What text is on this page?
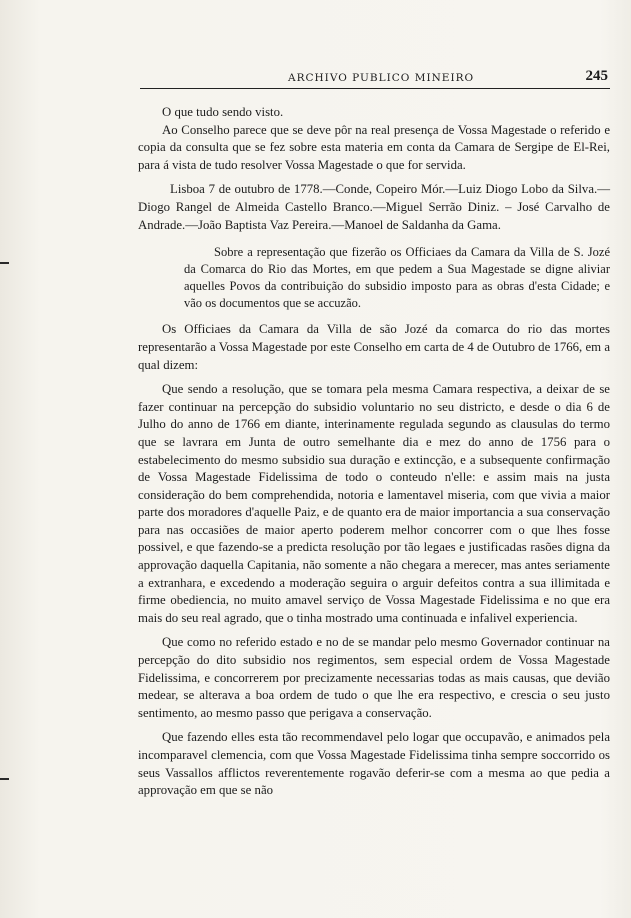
ARCHIVO PUBLICO MINEIRO	245

O que tudo sendo visto.

Ao Conselho parece que se deve pôr na real presença de Vossa Magestade o referido e copia da consulta que se fez sobre esta materia em conta da Camara de Sergipe de El-Rei, para á vista de tudo resolver Vossa Magestade o que for servida.

Lisboa 7 de outubro de 1778.—Conde, Copeiro Mór.—Luiz Diogo Lobo da Silva.—Diogo Rangel de Almeida Castello Branco.—Miguel Serrão Diniz. – José Carvalho de Andrade.—João Baptista Vaz Pereira.—Manoel de Saldanha da Gama.

Sobre a representação que fizerão os Officiaes da Camara da Villa de S. Jozé da Comarca do Rio das Mortes, em que pedem a Sua Magestade se digne aliviar aquelles Povos da contribuição do subsidio imposto para as obras d'esta Cidade; e vão os documentos que se accuzão.

Os Officiaes da Camara da Villa de são Jozé da comarca do rio das mortes representarão a Vossa Magestade por este Conselho em carta de 4 de Outubro de 1766, em a qual dizem:

Que sendo a resolução, que se tomara pela mesma Camara respectiva, a deixar de se fazer continuar na percepção do subsidio voluntario no seu districto, e desde o dia 6 de Julho do anno de 1766 em diante, interinamente regulada segundo as clausulas do termo que se lavrara em Junta de outro semelhante dia e mez do anno de 1756 para o estabelecimento do mesmo subsidio sua duração e extincção, e a subsequente confirmação de Vossa Magestade Fidelissima de todo o conteudo n'elle: e assim mais na justa consideração do bem comprehendida, notoria e lamentavel miseria, com que vivia a maior parte dos moradores d'aquelle Paiz, e de quanto era de maior importancia a sua conservação para nas occasiões de maior aperto poderem melhor concorrer com o que lhes fosse possivel, e que fazendo-se a predicta resolução por tão legaes e justificadas rasões digna da approvação daquella Capitania, não somente a não chegara a merecer, mas antes seriamente a extranhara, e excedendo a moderação seguira o arguir defeitos contra a sua illimitada e firme obediencia, no muito amavel serviço de Vossa Magestade Fidelissima e no que era mais do seu real agrado, que o tinha mostrado uma continuada e infalivel experiencia.

Que como no referido estado e no de se mandar pelo mesmo Governador continuar na percepção do dito subsidio nos regimentos, sem especial ordem de Vossa Magestade Fidelissima, e concorrerem por precizamente necessarias todas as mais causas, que devião medear, se alterava a boa ordem de tudo o que lhe era respectivo, e crescia o seu justo sentimento, ao mesmo passo que perigava a conservação.

Que fazendo elles esta tão recommendavel pelo logar que occupavão, e animados pela incomparavel clemencia, com que Vossa Magestade Fidelissima tinha sempre soccorrido os seus Vassallos afflictos reverentemente rogavão deferir-se com a mesma ao que pedia a approvação em que se não
